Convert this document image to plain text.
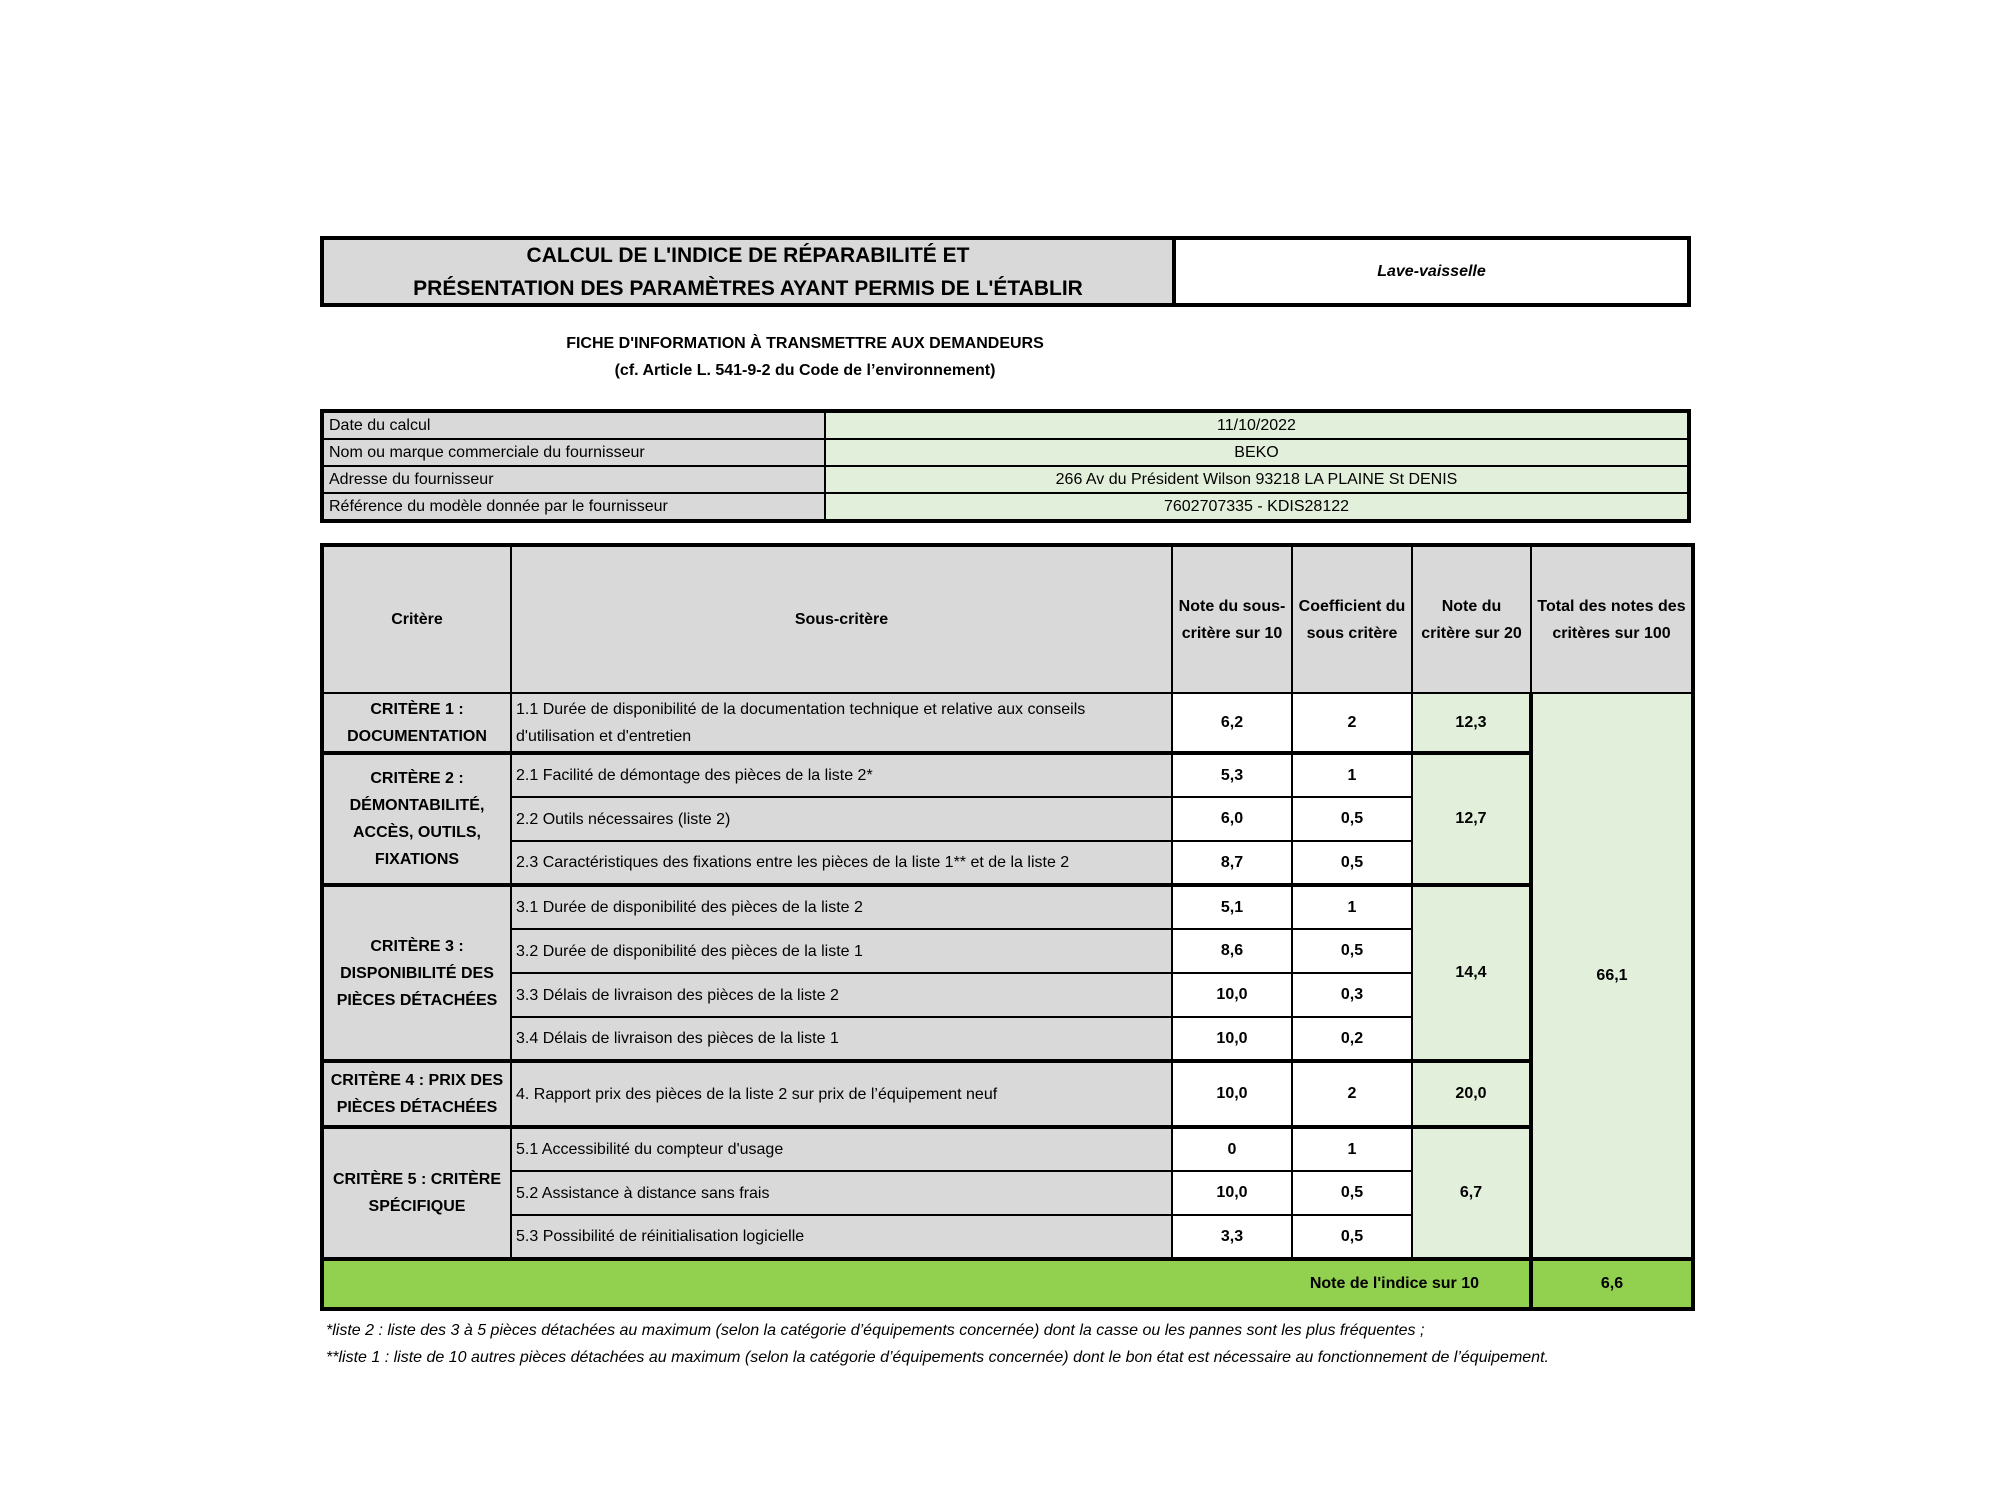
CALCUL DE L'INDICE DE RÉPARABILITÉ ET
PRÉSENTATION DES PARAMÈTRES AYANT PERMIS DE L'ÉTABLIR
Lave-vaisselle
FICHE D'INFORMATION À TRANSMETTRE AUX DEMANDEURS
(cf. Article L. 541-9-2 du Code de l’environnement)
Date du calcul	11/10/2022
Nom ou marque commerciale du fournisseur	BEKO
Adresse du fournisseur	266 Av du Président Wilson 93218 LA PLAINE St DENIS
Référence du modèle donnée par le fournisseur	7602707335 - KDIS28122
Critère	Sous-critère	Note du sous-critère sur 10	Coefficient du sous critère	Note du critère sur 20	Total des notes des critères sur 100
CRITÈRE 1 : DOCUMENTATION	1.1 Durée de disponibilité de la documentation technique et relative aux conseils d'utilisation et d'entretien	6,2	2	12,3	66,1
CRITÈRE 2 : DÉMONTABILITÉ, ACCÈS, OUTILS, FIXATIONS	2.1 Facilité de démontage des pièces de la liste 2*	5,3	1	12,7	
	2.2 Outils nécessaires (liste 2)	6,0	0,5		
	2.3 Caractéristiques des fixations entre les pièces de la liste 1** et de la liste 2	8,7	0,5		
CRITÈRE 3 : DISPONIBILITÉ DES PIÈCES DÉTACHÉES	3.1 Durée de disponibilité des pièces de la liste 2	5,1	1	14,4	
	3.2 Durée de disponibilité des pièces de la liste 1	8,6	0,5		
	3.3 Délais de livraison des pièces de la liste 2	10,0	0,3		
	3.4 Délais de livraison des pièces de la liste 1	10,0	0,2		
CRITÈRE 4 : PRIX DES PIÈCES DÉTACHÉES	4. Rapport prix des pièces de la liste 2 sur prix de l’équipement neuf	10,0	2	20,0	
CRITÈRE 5 : CRITÈRE SPÉCIFIQUE	5.1 Accessibilité du compteur d'usage	0	1	6,7	
	5.2 Assistance à distance sans frais	10,0	0,5		
	5.3 Possibilité de réinitialisation logicielle	3,3	0,5		
Note de l'indice sur 10					6,6

*liste 2 : liste des 3 à 5 pièces détachées au maximum (selon la catégorie d’équipements concernée) dont la casse ou les pannes sont les plus fréquentes ;

**liste 1 : liste de 10 autres pièces détachées au maximum (selon la catégorie d’équipements concernée) dont le bon état est nécessaire au fonctionnement de l’équipement.
